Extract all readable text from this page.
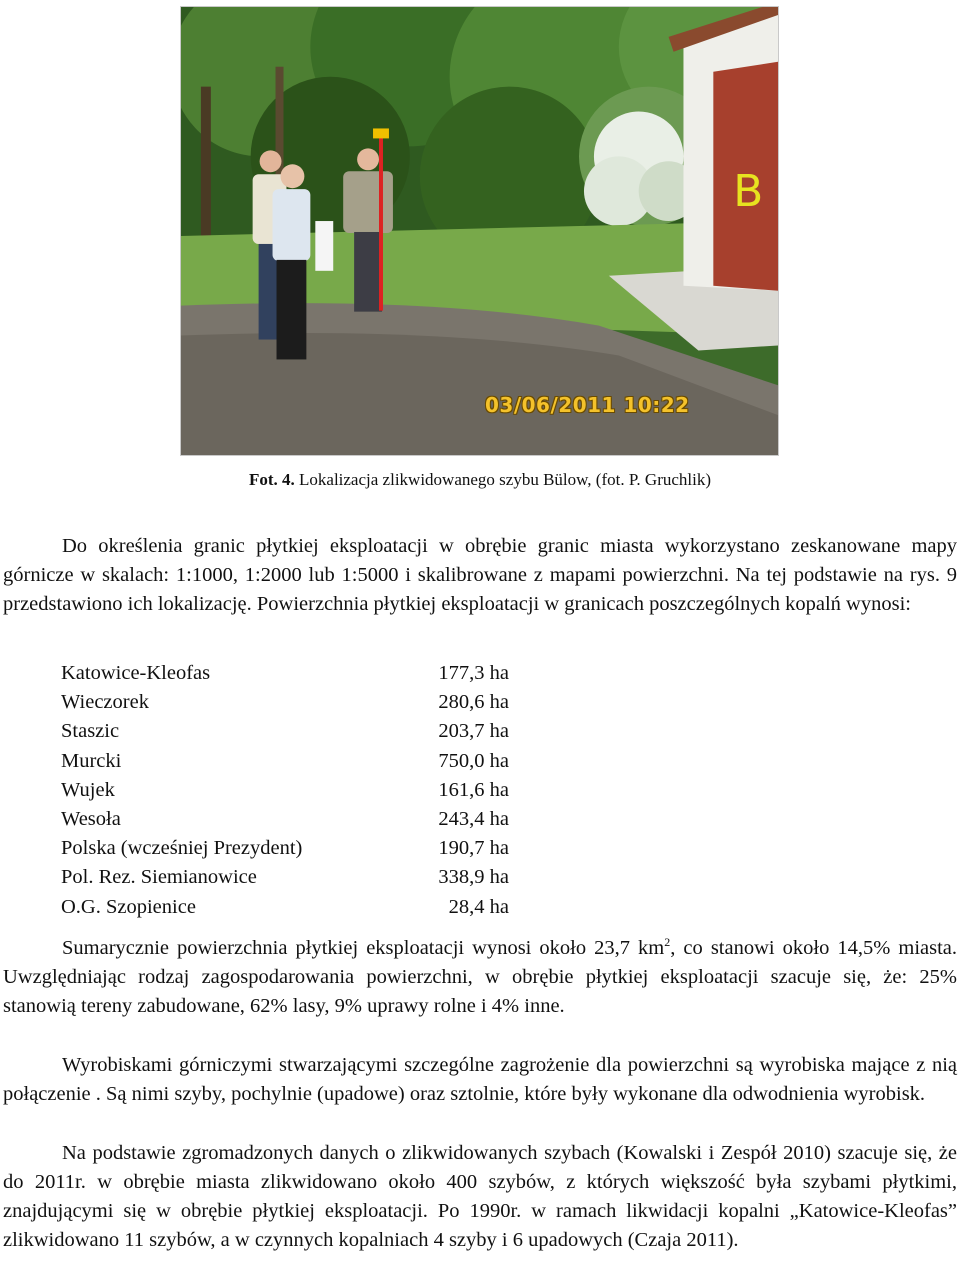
B
03/06/2011 10:22
Fot. 4. Lokalizacja zlikwidowanego szybu Bülow, (fot. P. Gruchlik)

Do określenia granic płytkiej eksploatacji w obrębie granic miasta wykorzystano zeskanowane mapy górnicze w skalach: 1:1000, 1:2000 lub 1:5000 i skalibrowane z mapami powierzchni. Na tej podstawie na rys. 9 przedstawiono ich lokalizację. Powierzchnia płytkiej eksploatacji w granicach poszczególnych kopalń wynosi:

Katowice-Kleofas	177,3 ha
Wieczorek	280,6 ha
Staszic	203,7 ha
Murcki	750,0 ha
Wujek	161,6 ha
Wesoła	243,4 ha
Polska (wcześniej Prezydent)	190,7 ha
Pol. Rez. Siemianowice	338,9 ha
O.G. Szopienice	28,4 ha

Sumarycznie powierzchnia płytkiej eksploatacji wynosi około 23,7 $km^2$, co stanowi około 14,5% miasta. Uwzględniając rodzaj zagospodarowania powierzchni, w obrębie płytkiej eksploatacji szacuje się, że: 25% stanowią tereny zabudowane, 62% lasy, 9% uprawy rolne i 4% inne.

Wyrobiskami górniczymi stwarzającymi szczególne zagrożenie dla powierzchni są wyrobiska mające z nią połączenie . Są nimi szyby, pochylnie (upadowe) oraz sztolnie, które były wykonane dla odwodnienia wyrobisk.

Na podstawie zgromadzonych danych o zlikwidowanych szybach (Kowalski i Zespół 2010) szacuje się, że do 2011r. w obrębie miasta zlikwidowano około 400 szybów, z których większość była szybami płytkimi, znajdującymi się w obrębie płytkiej eksploatacji. Po 1990r. w ramach likwidacji kopalni „Katowice-Kleofas” zlikwidowano 11 szybów, a w czynnych kopalniach 4 szyby i 6 upadowych (Czaja 2011).
